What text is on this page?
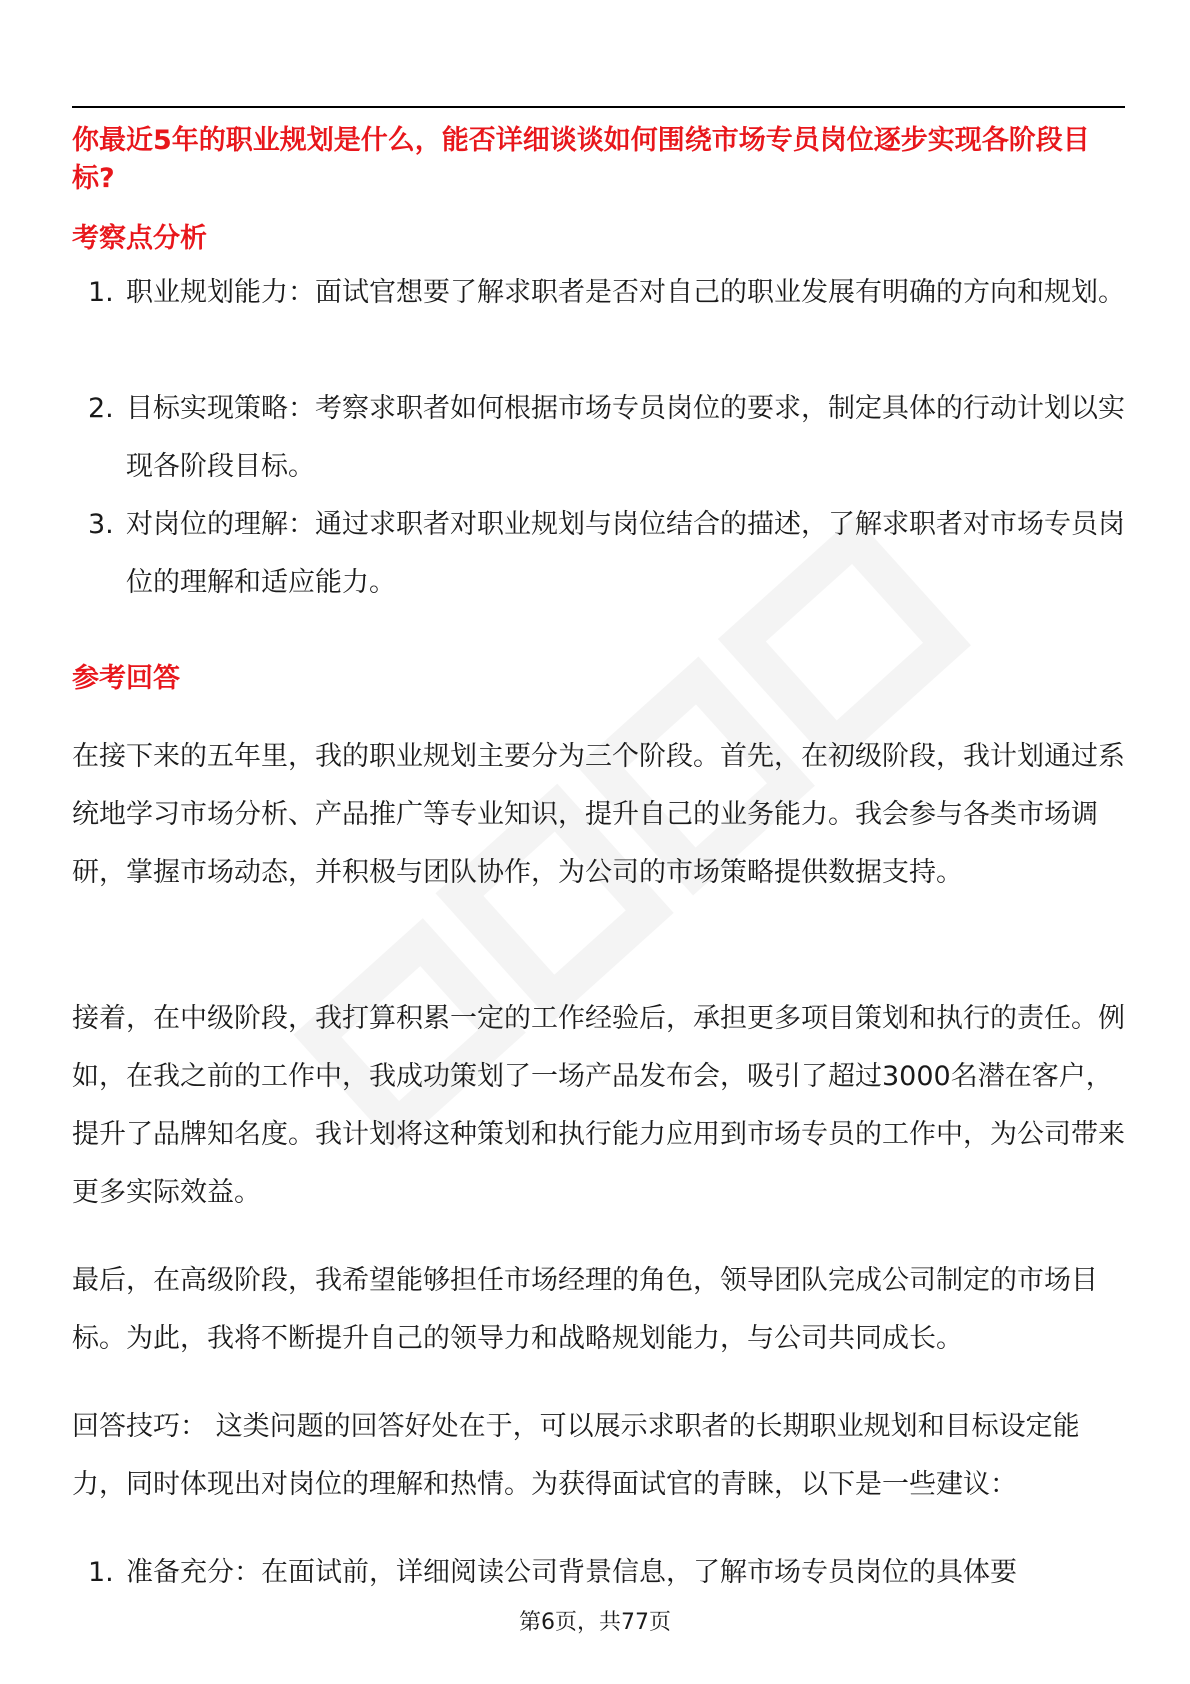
你最近5年的职业规划是什么，能否详细谈谈如何围绕市场专员岗位逐步实现各阶段目标?
考察点分析
1. 职业规划能力：面试官想要了解求职者是否对自己的职业发展有明确的方向和规划。
2. 目标实现策略：考察求职者如何根据市场专员岗位的要求，制定具体的行动计划以实现各阶段目标。
3. 对岗位的理解：通过求职者对职业规划与岗位结合的描述，了解求职者对市场专员岗位的理解和适应能力。
参考回答

在接下来的五年里，我的职业规划主要分为三个阶段。首先，在初级阶段，我计划通过系统地学习市场分析、产品推广等专业知识，提升自己的业务能力。我会参与各类市场调研，掌握市场动态，并积极与团队协作，为公司的市场策略提供数据支持。

接着，在中级阶段，我打算积累一定的工作经验后，承担更多项目策划和执行的责任。例如，在我之前的工作中，我成功策划了一场产品发布会，吸引了超过3000名潜在客户，提升了品牌知名度。我计划将这种策划和执行能力应用到市场专员的工作中，为公司带来更多实际效益。

最后，在高级阶段，我希望能够担任市场经理的角色，领导团队完成公司制定的市场目标。为此，我将不断提升自己的领导力和战略规划能力，与公司共同成长。

回答技巧： 这类问题的回答好处在于，可以展示求职者的长期职业规划和目标设定能力，同时体现出对岗位的理解和热情。为获得面试官的青睐，以下是一些建议：

1. 准备充分：在面试前，详细阅读公司背景信息，了解市场专员岗位的具体要
第6页，共77页
